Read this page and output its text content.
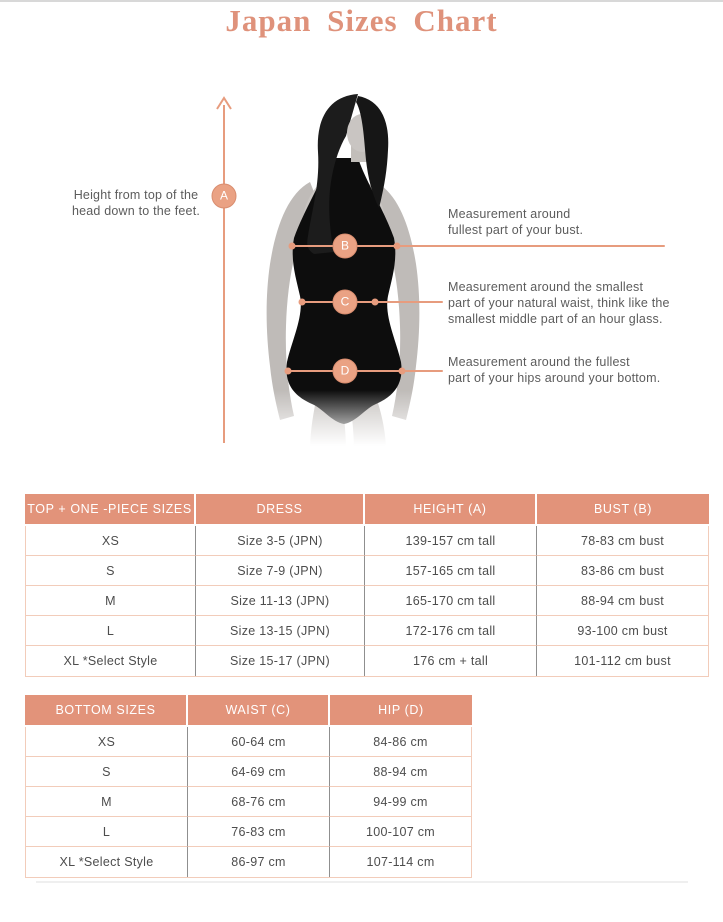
Japan Sizes Chart
A
B
C
D
Height from top of the
head down to the feet.	Measurement around
fullest part of your bust.
Measurement around the smallest
part of your natural waist, think like the
smallest middle part of an hour glass.
Measurement around the fullest
part of your hips around your bottom.
TOP + ONE -PIECE SIZES	DRESS	HEIGHT (A)	BUST (B)
XS	Size 3-5 (JPN)	139-157 cm tall	78-83 cm bust
S	Size 7-9 (JPN)	157-165 cm tall	83-86 cm bust
M	Size 11-13 (JPN)	165-170 cm tall	88-94 cm bust
L	Size 13-15 (JPN)	172-176 cm tall	93-100 cm bust
XL *Select Style	Size 15-17 (JPN)	176 cm + tall	101-112 cm bust
BOTTOM SIZES	WAIST (C)	HIP (D)
XS	60-64 cm	84-86 cm
S	64-69 cm	88-94 cm
M	68-76 cm	94-99 cm
L	76-83 cm	100-107 cm
XL *Select Style	86-97 cm	107-114 cm
